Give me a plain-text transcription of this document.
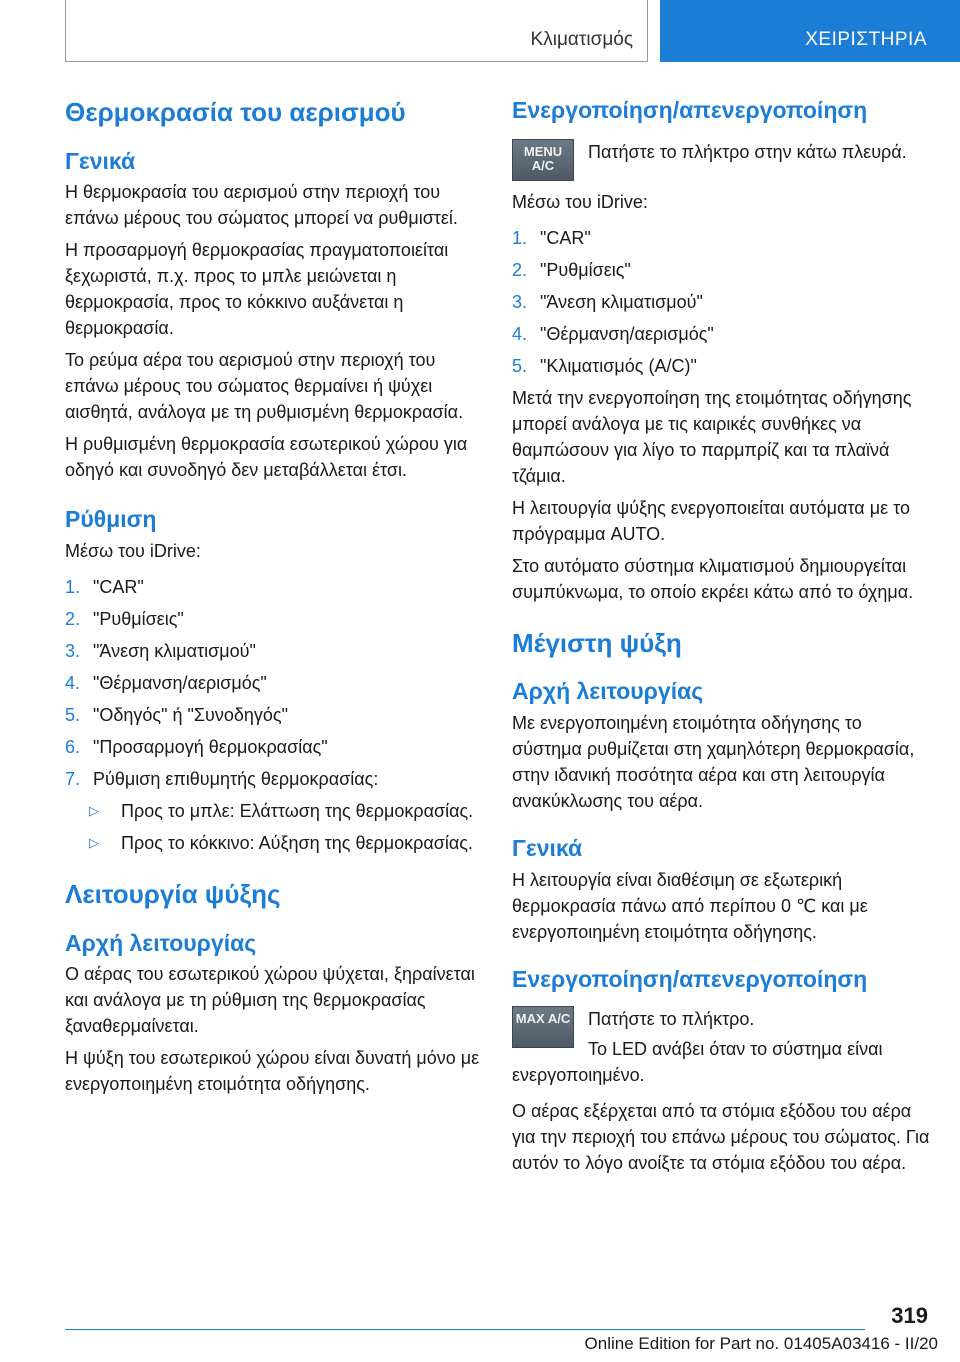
Κλιματισμός	ΧΕΙΡΙΣΤΗΡΙΑ
Θερμοκρασία του αερισμού
Γενικά

Η θερμοκρασία του αερισμού στην περιοχή του επάνω μέρους του σώματος μπορεί να ρυθμιστεί.

Η προσαρμογή θερμοκρασίας πραγματοποιείται ξεχωριστά, π.χ. προς το μπλε μειώνεται η θερμοκρασία, προς το κόκκινο αυξάνεται η θερμοκρασία.

Το ρεύμα αέρα του αερισμού στην περιοχή του επάνω μέρους του σώματος θερμαίνει ή ψύχει αισθητά, ανάλογα με τη ρυθμισμένη θερμοκρασία.

Η ρυθμισμένη θερμοκρασία εσωτερικού χώρου για οδηγό και συνοδηγό δεν μεταβάλλεται έτσι.

Ρύθμιση

Μέσω του iDrive:

1. "CAR"
2. "Ρυθμίσεις"
3. "Άνεση κλιματισμού"
4. "Θέρμανση/αερισμός"
5. "Οδηγός" ή "Συνοδηγός"
6. "Προσαρμογή θερμοκρασίας"
7. Ρύθμιση επιθυμητής θερμοκρασίας:
▷ Προς το μπλε: Ελάττωση της θερμοκρασίας.
▷ Προς το κόκκινο: Αύξηση της θερμοκρασίας.
Λειτουργία ψύξης
Αρχή λειτουργίας

Ο αέρας του εσωτερικού χώρου ψύχεται, ξηραίνεται και ανάλογα με τη ρύθμιση της θερμοκρασίας ξαναθερμαίνεται.

Η ψύξη του εσωτερικού χώρου είναι δυνατή μόνο με ενεργοποιημένη ετοιμότητα οδήγησης.

Ενεργοποίηση/απενεργοποίηση
MENU A/C

Πατήστε το πλήκτρο στην κάτω πλευρά.

Μέσω του iDrive:

1. "CAR"
2. "Ρυθμίσεις"
3. "Άνεση κλιματισμού"
4. "Θέρμανση/αερισμός"
5. "Κλιματισμός (A/C)"

Μετά την ενεργοποίηση της ετοιμότητας οδήγησης μπορεί ανάλογα με τις καιρικές συνθήκες να θαμπώσουν για λίγο το παρμπρίζ και τα πλαϊνά τζάμια.

Η λειτουργία ψύξης ενεργοποιείται αυτόματα με το πρόγραμμα AUTO.

Στο αυτόματο σύστημα κλιματισμού δημιουργείται συμπύκνωμα, το οποίο εκρέει κάτω από το όχημα.

Μέγιστη ψύξη
Αρχή λειτουργίας

Με ενεργοποιημένη ετοιμότητα οδήγησης το σύστημα ρυθμίζεται στη χαμηλότερη θερμοκρασία, στην ιδανική ποσότητα αέρα και στη λειτουργία ανακύκλωσης του αέρα.

Γενικά

Η λειτουργία είναι διαθέσιμη σε εξωτερική θερμοκρασία πάνω από περίπου 0 ℃ και με ενεργοποιημένη ετοιμότητα οδήγησης.

Ενεργοποίηση/απενεργοποίηση
MAX A/C Πατήστε το πλήκτρο.

Το LED ανάβει όταν το σύστημα είναι ενεργοποιημένο.

Ο αέρας εξέρχεται από τα στόμια εξόδου του αέρα για την περιοχή του επάνω μέρους του σώματος. Για αυτόν το λόγο ανοίξτε τα στόμια εξόδου του αέρα.

319
Online Edition for Part no. 01405A03416 - II/20
